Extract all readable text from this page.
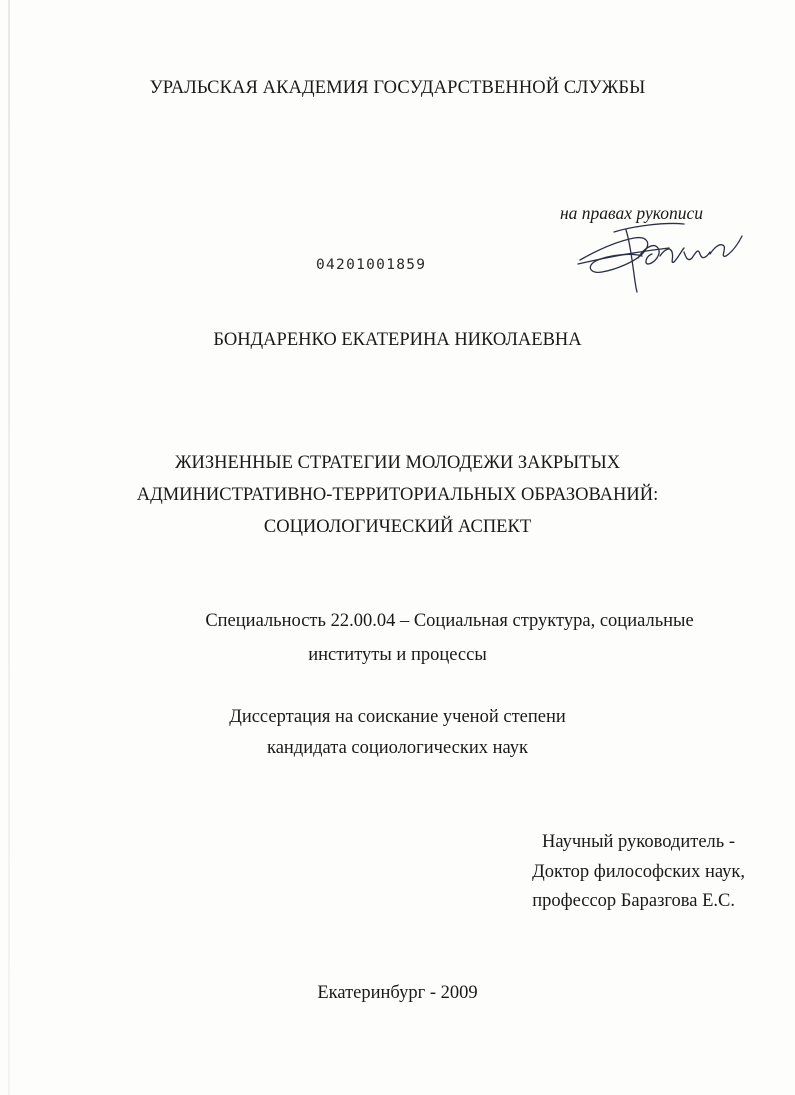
УРАЛЬСКАЯ АКАДЕМИЯ ГОСУДАРСТВЕННОЙ СЛУЖБЫ
на правах рукописи
04201001859
БОНДАРЕНКО ЕКАТЕРИНА НИКОЛАЕВНА
ЖИЗНЕННЫЕ СТРАТЕГИИ МОЛОДЕЖИ ЗАКРЫТЫХ
АДМИНИСТРАТИВНО-ТЕРРИТОРИАЛЬНЫХ ОБРАЗОВАНИЙ:
СОЦИОЛОГИЧЕСКИЙ АСПЕКТ
Специальность 22.00.04 – Социальная структура, социальные
институты и процессы
Диссертация на соискание ученой степени
кандидата социологических наук
Научный руководитель -
Доктор философских наук,
профессор Баразгова Е.С.
Екатеринбург - 2009
